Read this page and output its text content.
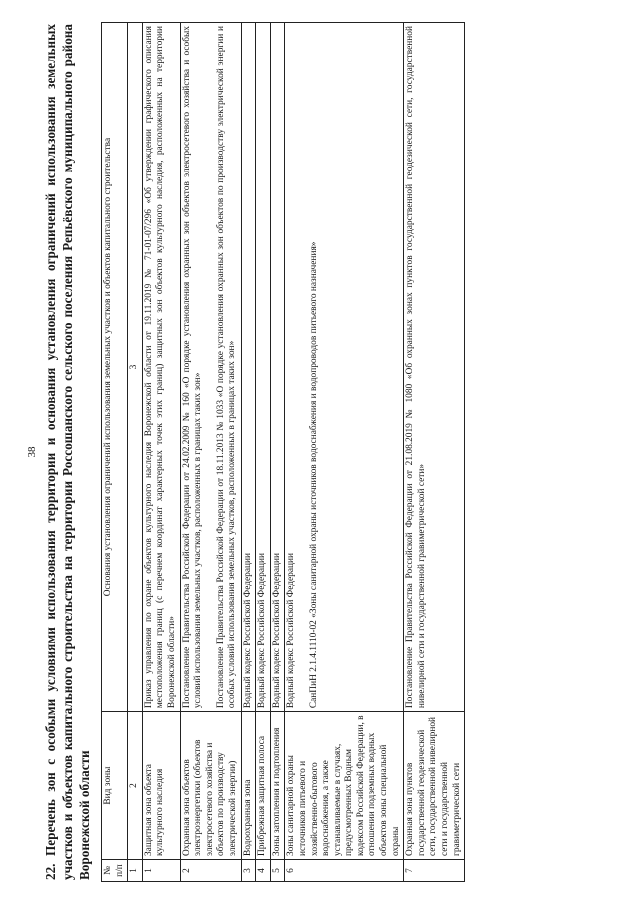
38 22. Перечень зон с особыми условиями использования территории и основания установления ограничений использования земельных участков и объектов капитального строительства на территории Россошанского сельского поселения Репьёвского муниципального района Воронежской области № п/п	Вид зоны	Основания установления ограничений использования земельных участков и объектов капитального строительства
1	2	3
1	Защитная зона объекта культурного наследия	Приказ управления по охране объектов культурного наследия Воронежской области от 19.11.2019 № 71-01-07/296 «Об утверждении графического описания местоположения границ (с перечнем координат характерных точек этих границ) защитных зон объектов культурного наследия, расположенных на территории Воронежской области»

2	Охранная зона объектов электроэнергетики (объектов электросетевого хозяйства и объектов по производству электрической энергии)	Постановление Правительства Российской Федерации от 24.02.2009 № 160 «О порядке установления охранных зон объектов электросетевого хозяйства и особых условий использования земельных участков, расположенных в границах таких зон» Постановление Правительства Российской Федерации от 18.11.2013 № 1033 «О порядке установления охранных зон объектов по производству электрической энергии и особых условий использования земельных участков, расположенных в границах таких зон»

3	Водоохранная зона	Водный кодекс Российской Федерации

4	Прибрежная защитная полоса	Водный кодекс Российской Федерации

5	Зоны затопления и подтопления	Водный кодекс Российской Федерации

6	Зоны санитарной охраны источников питьевого и хозяйственно-бытового водоснабжения, а также устанавливаемые в случаях, предусмотренных Водным кодексом Российской Федерации, в отношении подземных водных объектов зоны специальной охраны	Водный кодекс Российской Федерации СанПиН 2.1.4.1110-02 «Зоны санитарной охраны источников водоснабжения и водопроводов питьевого назначения»

7	Охранная зона пунктов государственной геодезической сети, государственной нивелирной сети и государственной гравиметрической сети	Постановление Правительства Российской Федерации от 21.08.2019 № 1080 «Об охранных зонах пунктов государственной геодезической сети, государственной нивелирной сети и государственной гравиметрической сети»
